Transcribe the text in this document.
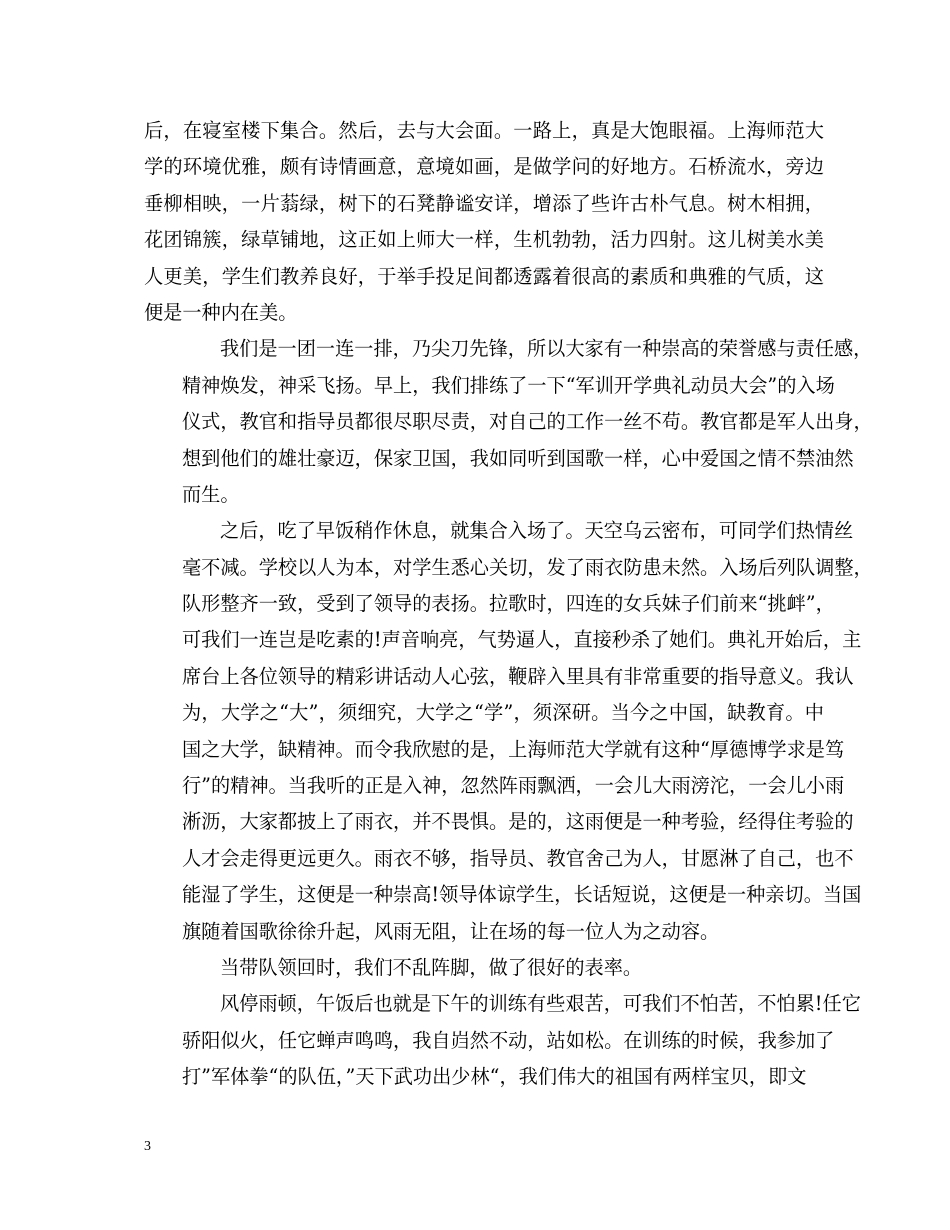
后，在寝室楼下集合。然后，去与大会面。一路上，真是大饱眼福。上海师范大
学的环境优雅，颇有诗情画意，意境如画，是做学问的好地方。石桥流水，旁边
垂柳相映，一片蓊绿，树下的石凳静谧安详，增添了些许古朴气息。树木相拥，
花团锦簇，绿草铺地，这正如上师大一样，生机勃勃，活力四射。这儿树美水美
人更美，学生们教养良好，于举手投足间都透露着很高的素质和典雅的气质，这
便是一种内在美。
我们是一团一连一排，乃尖刀先锋，所以大家有一种崇高的荣誉感与责任感，
精神焕发，神采飞扬。早上，我们排练了一下“军训开学典礼动员大会”的入场
仪式，教官和指导员都很尽职尽责，对自己的工作一丝不苟。教官都是军人出身，
想到他们的雄壮豪迈，保家卫国，我如同听到国歌一样，心中爱国之情不禁油然
而生。
之后，吃了早饭稍作休息，就集合入场了。天空乌云密布，可同学们热情丝
毫不减。学校以人为本，对学生悉心关切，发了雨衣防患未然。入场后列队调整，
队形整齐一致，受到了领导的表扬。拉歌时，四连的女兵妹子们前来“挑衅”，
可我们一连岂是吃素的!声音响亮，气势逼人，直接秒杀了她们。典礼开始后，主
席台上各位领导的精彩讲话动人心弦，鞭辟入里具有非常重要的指导意义。我认
为，大学之“大”，须细究，大学之“学”，须深研。当今之中国，缺教育。中
国之大学，缺精神。而令我欣慰的是，上海师范大学就有这种“厚德博学求是笃
行”的精神。当我听的正是入神，忽然阵雨飘洒，一会儿大雨滂沱，一会儿小雨
淅沥，大家都披上了雨衣，并不畏惧。是的，这雨便是一种考验，经得住考验的
人才会走得更远更久。雨衣不够，指导员、教官舍己为人，甘愿淋了自己，也不
能湿了学生，这便是一种崇高!领导体谅学生，长话短说，这便是一种亲切。当国
旗随着国歌徐徐升起，风雨无阻，让在场的每一位人为之动容。
当带队领回时，我们不乱阵脚，做了很好的表率。
风停雨顿，午饭后也就是下午的训练有些艰苦，可我们不怕苦，不怕累!任它
骄阳似火，任它蝉声鸣鸣，我自岿然不动，站如松。在训练的时候，我参加了
打”军体拳“的队伍，”天下武功出少林“，我们伟大的祖国有两样宝贝，即文
3
